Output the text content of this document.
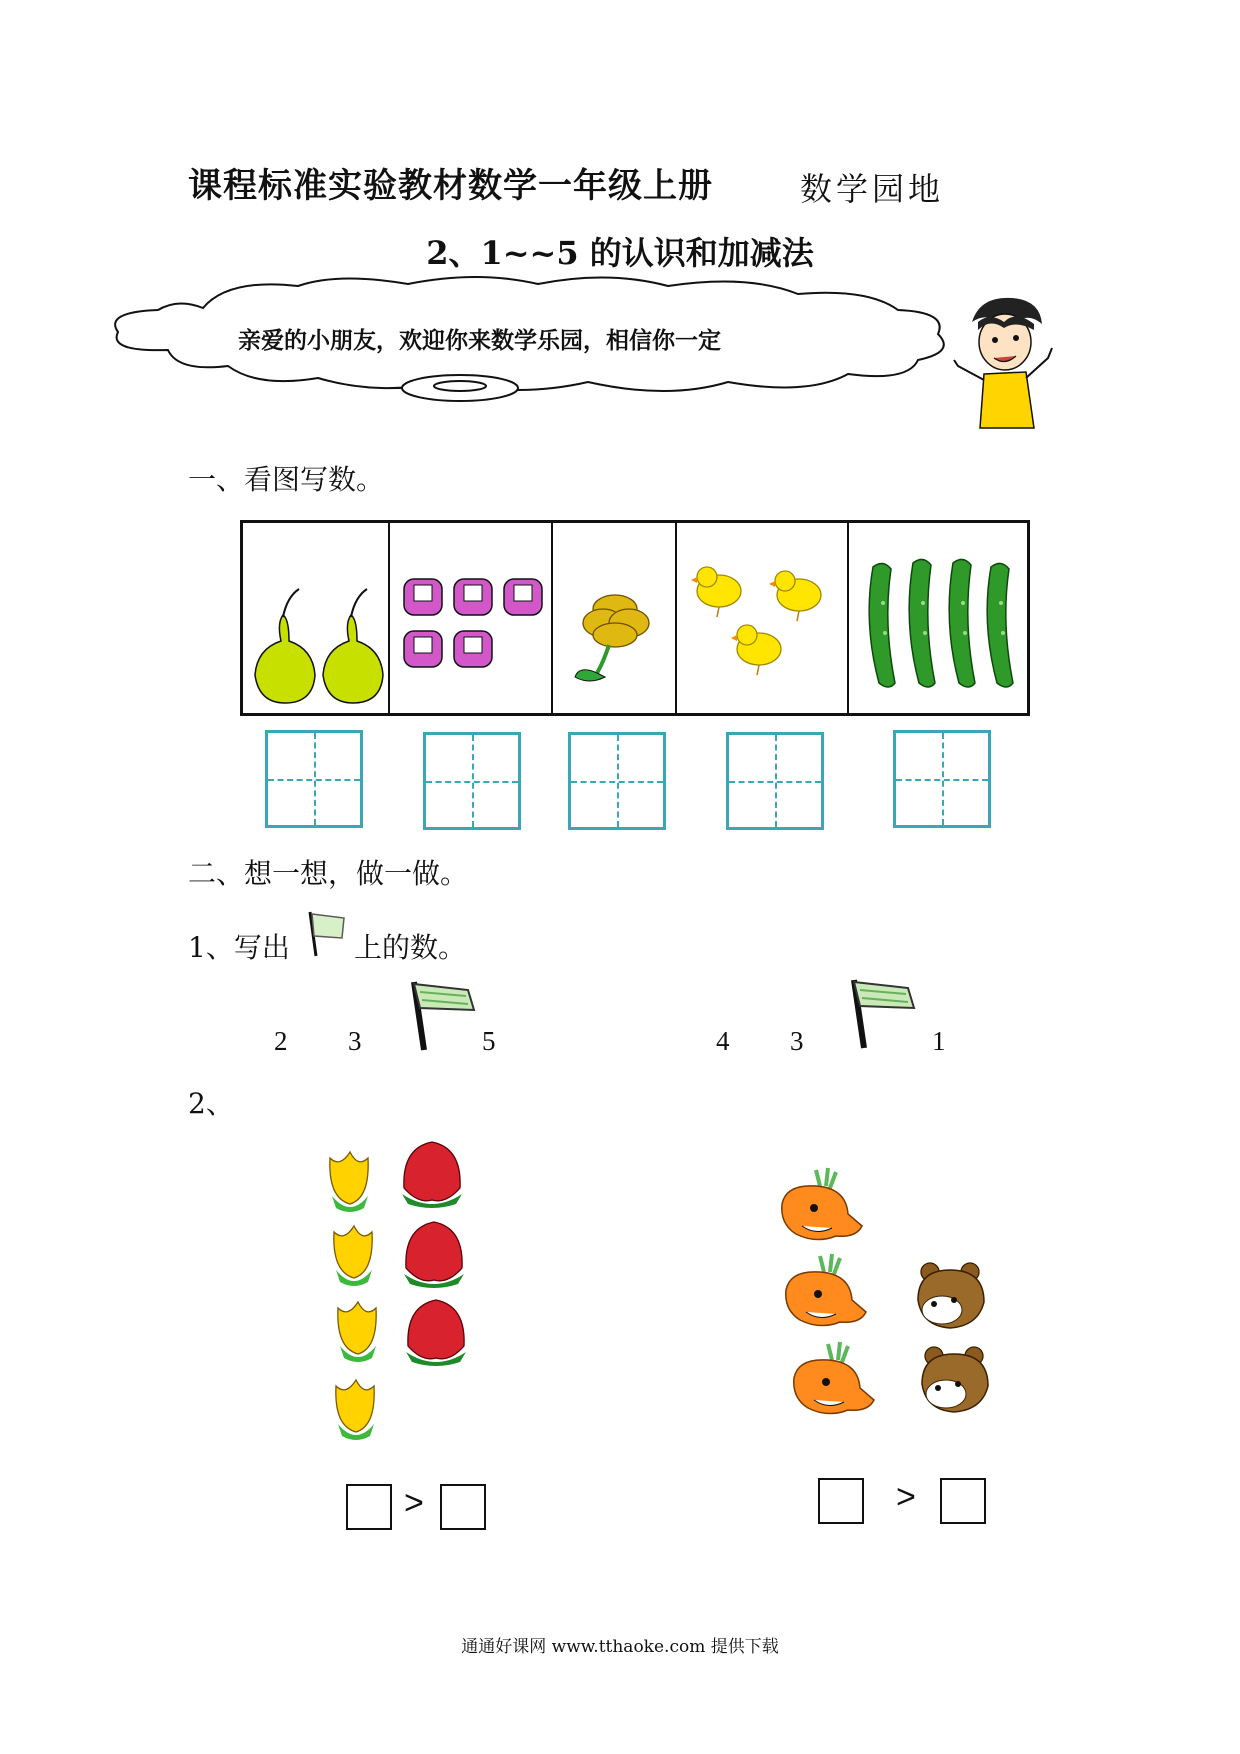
课程标准实验教材数学一年级上册	数学园地
2、1~~5 的认识和加减法
亲爱的小朋友，欢迎你来数学乐园，相信你一定
一、看图写数。
二、想一想，做一做。
1、写出 上的数。
2 3	5	4 3	1
2、
>	>
通通好课网 www.tthaoke.com 提供下载
